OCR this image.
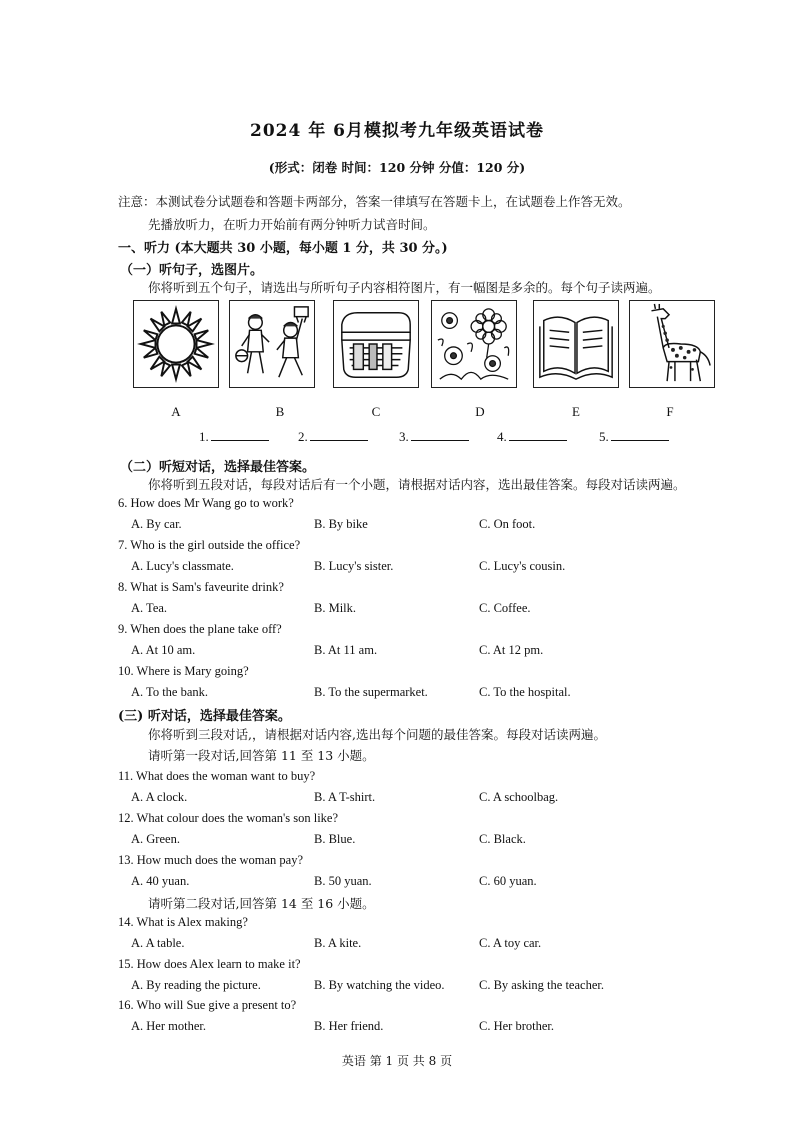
2024 年 6月模拟考九年级英语试卷
(形式：闭卷 时间：120 分钟 分值：120 分)
注意：本测试卷分试题卷和答题卡两部分，答案一律填写在答题卡上，在试题卷上作答无效。
先播放听力，在听力开始前有两分钟听力试音时间。
一、听力 (本大题共 30 小题，每小题 1 分，共 30 分。)
（一）听句子，选图片。
你将听到五个句子，请选出与所听句子内容相符图片，有一幅图是多余的。每个句子读两遍。
A	B	C	D	E	F
1.	2.	3.	4.	5.
（二）听短对话，选择最佳答案。
你将听到五段对话，每段对话后有一个小题，请根据对话内容，选出最佳答案。每段对话读两遍。
6. How does Mr Wang go to work?
A. By car.	B. By bike	C. On foot.
7. Who is the girl outside the office?
A. Lucy's classmate.	B. Lucy's sister.	C. Lucy's cousin.
8. What is Sam's faveurite drink?
A. Tea.	B. Milk.	C. Coffee.
9. When does the plane take off?
A. At 10 am.	B. At 11 am.	C. At 12 pm.
10. Where is Mary going?
A. To the bank.	B. To the supermarket.	C. To the hospital.
(三) 听对话，选择最佳答案。
你将听到三段对话,，请根据对话内容,选出每个问题的最佳答案。每段对话读两遍。
请听第一段对话,回答第 11 至 13 小题。
11. What does the woman want to buy?
A. A clock.	B. A T-shirt.	C. A schoolbag.
12. What colour does the woman's son like?
A. Green.	B. Blue.	C. Black.
13. How much does the woman pay?
A. 40 yuan.	B. 50 yuan.	C. 60 yuan.
请听第二段对话,回答第 14 至 16 小题。
14. What is Alex making?
A. A table.	B. A kite.	C. A toy car.
15. How does Alex learn to make it?
A. By reading the picture.	B. By watching the video.	C. By asking the teacher.
16. Who will Sue give a present to?
A. Her mother.	B. Her friend.	C. Her brother.
英语 第 1 页 共 8 页
